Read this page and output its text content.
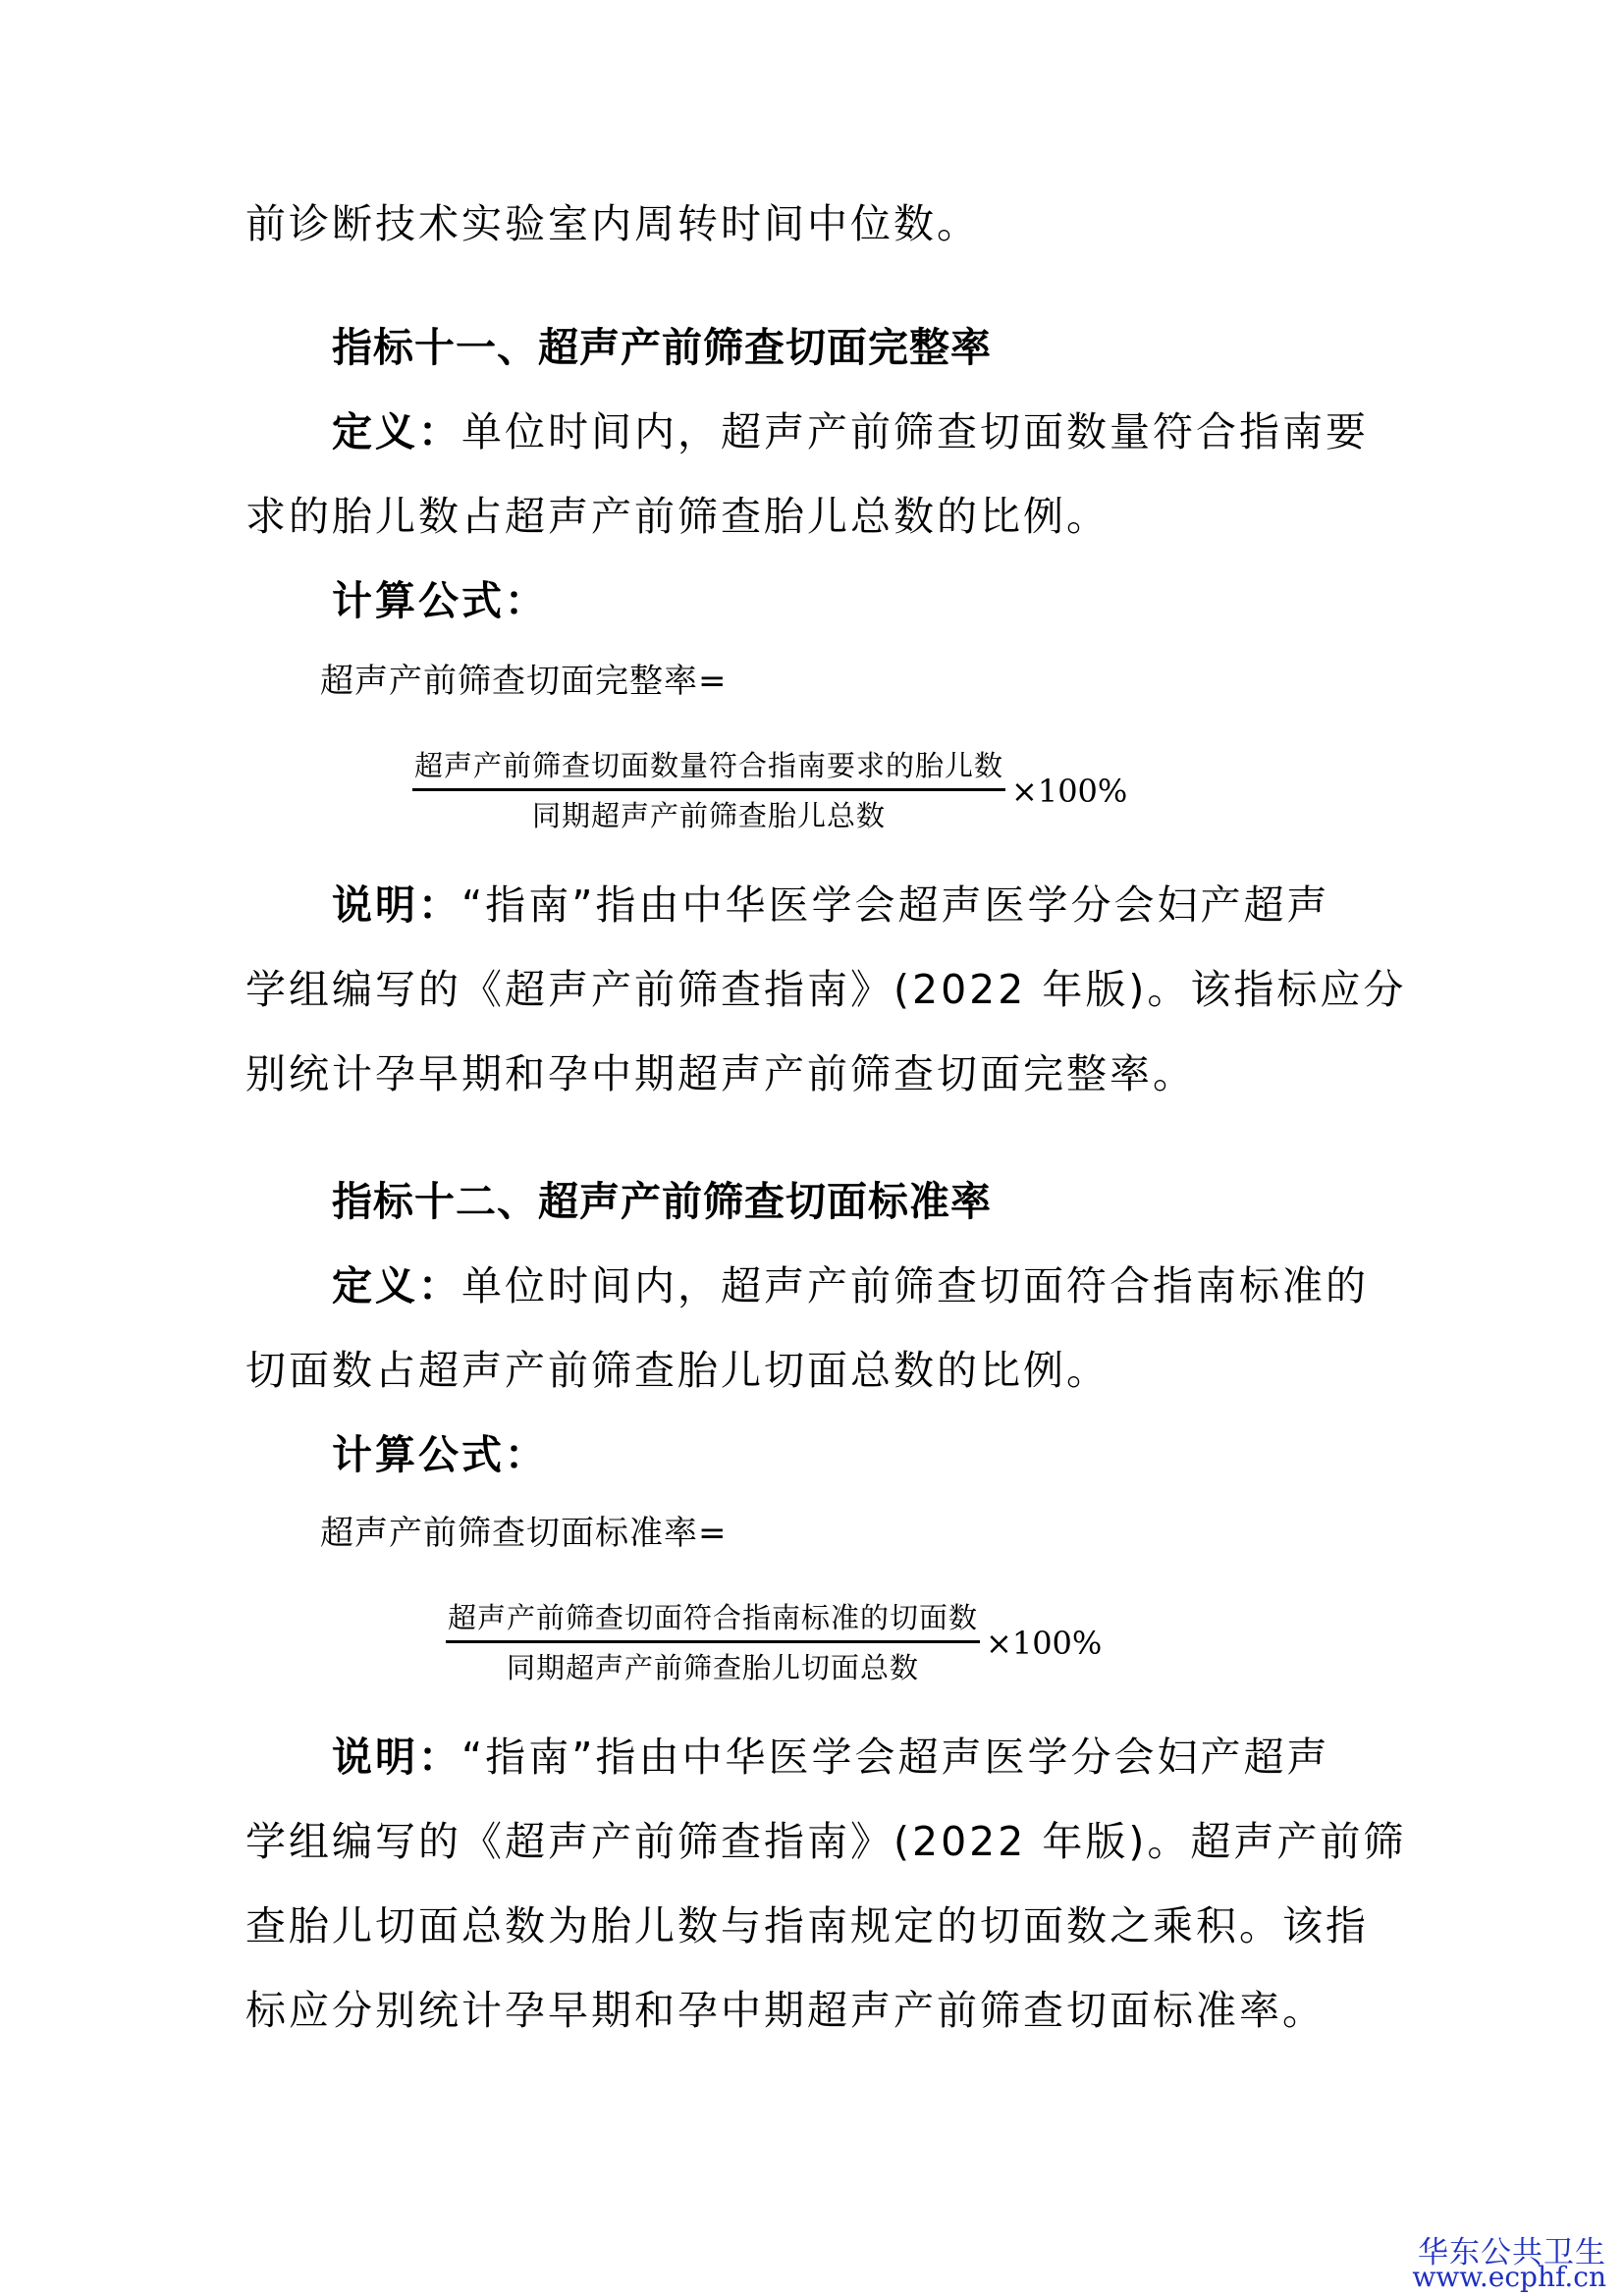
前诊断技术实验室内周转时间中位数。
指标十一、超声产前筛查切面完整率
定义：单位时间内，超声产前筛查切面数量符合指南要
求的胎儿数占超声产前筛查胎儿总数的比例。
计算公式：
超声产前筛查切面完整率=
$\frac{\text{超声产前筛查切面数量符合指南要求的胎儿数}}{\text{同期超声产前筛查胎儿总数}} \times 100\%$
说明：“指南”指由中华医学会超声医学分会妇产超声
学组编写的《超声产前筛查指南》(2022 年版)。该指标应分
别统计孕早期和孕中期超声产前筛查切面完整率。
指标十二、超声产前筛查切面标准率
定义：单位时间内，超声产前筛查切面符合指南标准的
切面数占超声产前筛查胎儿切面总数的比例。
计算公式：
超声产前筛查切面标准率=
$\frac{\text{超声产前筛查切面符合指南标准的切面数}}{\text{同期超声产前筛查胎儿切面总数}} \times 100\%$
说明：“指南”指由中华医学会超声医学分会妇产超声
学组编写的《超声产前筛查指南》(2022 年版)。超声产前筛
查胎儿切面总数为胎儿数与指南规定的切面数之乘积。该指
标应分别统计孕早期和孕中期超声产前筛查切面标准率。
华东公共卫生
www.ecphf.cn
